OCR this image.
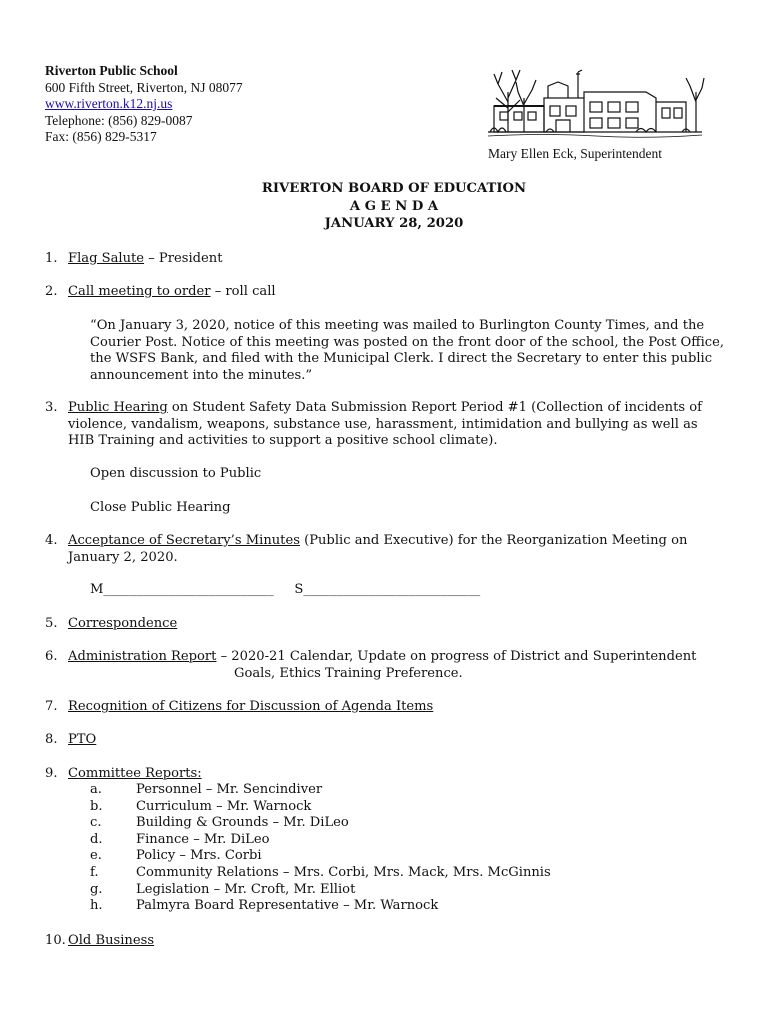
Riverton Public School
600 Fifth Street, Riverton, NJ 08077
www.riverton.k12.nj.us
Telephone: (856) 829-0087
Fax: (856) 829-5317
Mary Ellen Eck, Superintendent
RIVERTON BOARD OF EDUCATION
A G E N D A
JANUARY 28, 2020
1. Flag Salute – President
2. Call meeting to order – roll call
“On January 3, 2020, notice of this meeting was mailed to Burlington County Times, and the
Courier Post. Notice of this meeting was posted on the front door of the school, the Post Office,
the WSFS Bank, and filed with the Municipal Clerk. I direct the Secretary to enter this public
announcement into the minutes.”
3. Public Hearing on Student Safety Data Submission Report Period #1 (Collection of incidents of
violence, vandalism, weapons, substance use, harassment, intimidation and bullying as well as
HIB Training and activities to support a positive school climate).
Open discussion to Public
Close Public Hearing
4. Acceptance of Secretary’s Minutes (Public and Executive) for the Reorganization Meeting on
January 2, 2020.
M__________________________     S___________________________
5. Correspondence
6. Administration Report – 2020-21 Calendar, Update on progress of District and Superintendent
Goals, Ethics Training Preference.
7. Recognition of Citizens for Discussion of Agenda Items
8. PTO
9. Committee Reports:
a.	Personnel – Mr. Sencindiver
b.	Curriculum – Mr. Warnock
c.	Building & Grounds – Mr. DiLeo
d.	Finance – Mr. DiLeo
e.	Policy – Mrs. Corbi
f.	Community Relations – Mrs. Corbi, Mrs. Mack, Mrs. McGinnis
g.	Legislation – Mr. Croft, Mr. Elliot
h.	Palmyra Board Representative – Mr. Warnock
10. Old Business
